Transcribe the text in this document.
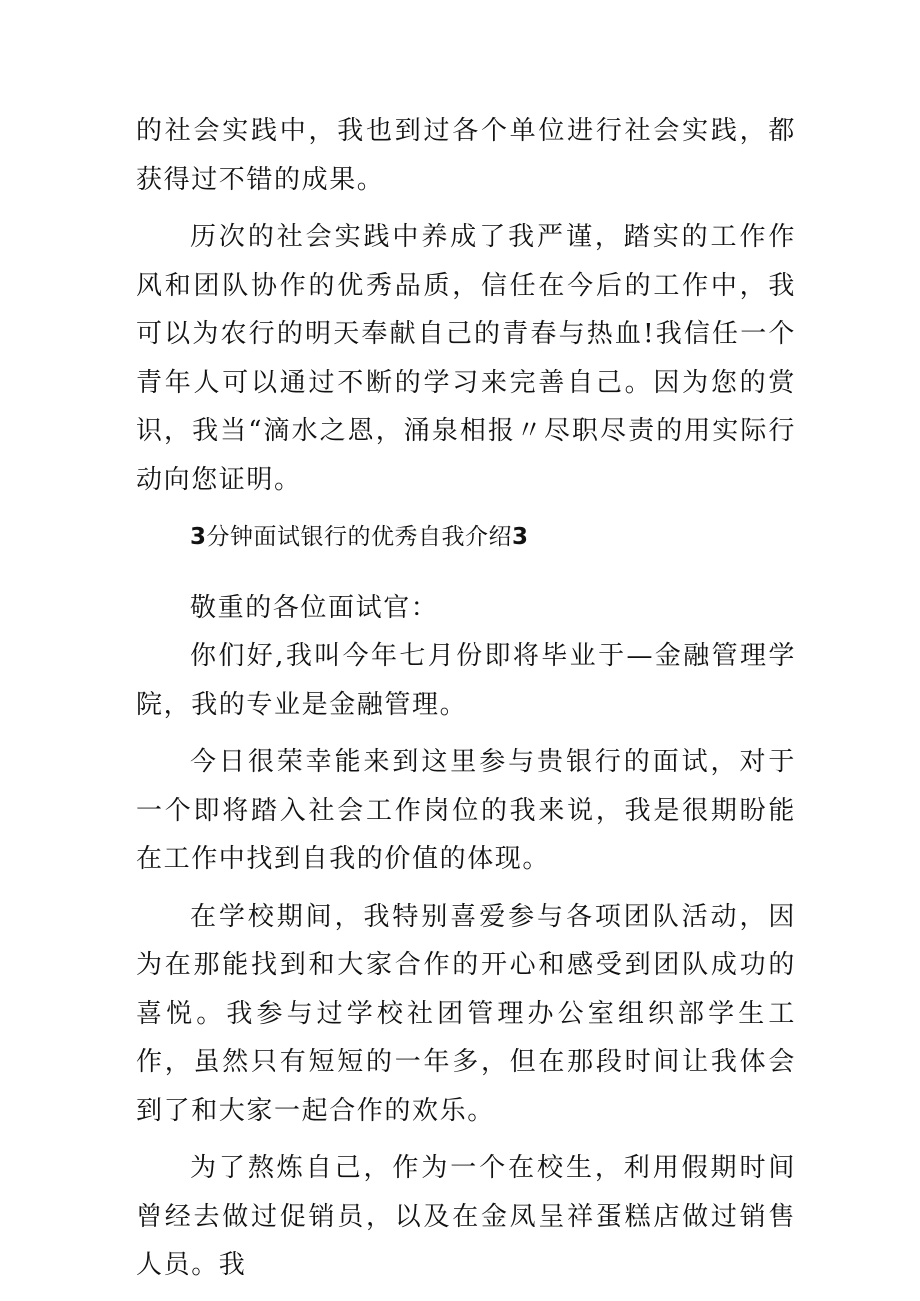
的社会实践中，我也到过各个单位进行社会实践，都获得过不错的成果。

历次的社会实践中养成了我严谨，踏实的工作作风和团队协作的优秀品质，信任在今后的工作中，我可以为农行的明天奉献自己的青春与热血!我信任一个青年人可以通过不断的学习来完善自己。因为您的赏识，我当“滴水之恩，涌泉相报〃尽职尽责的用实际行动向您证明。

3分钟面试银行的优秀自我介绍3

敬重的各位面试官：

你们好,我叫今年七月份即将毕业于—金融管理学院，我的专业是金融管理。

今日很荣幸能来到这里参与贵银行的面试，对于一个即将踏入社会工作岗位的我来说，我是很期盼能在工作中找到自我的价值的体现。

在学校期间，我特别喜爱参与各项团队活动，因为在那能找到和大家合作的开心和感受到团队成功的喜悦。我参与过学校社团管理办公室组织部学生工作，虽然只有短短的一年多，但在那段时间让我体会到了和大家一起合作的欢乐。

为了熬炼自己，作为一个在校生，利用假期时间曾经去做过促销员，以及在金凤呈祥蛋糕店做过销售人员。我
